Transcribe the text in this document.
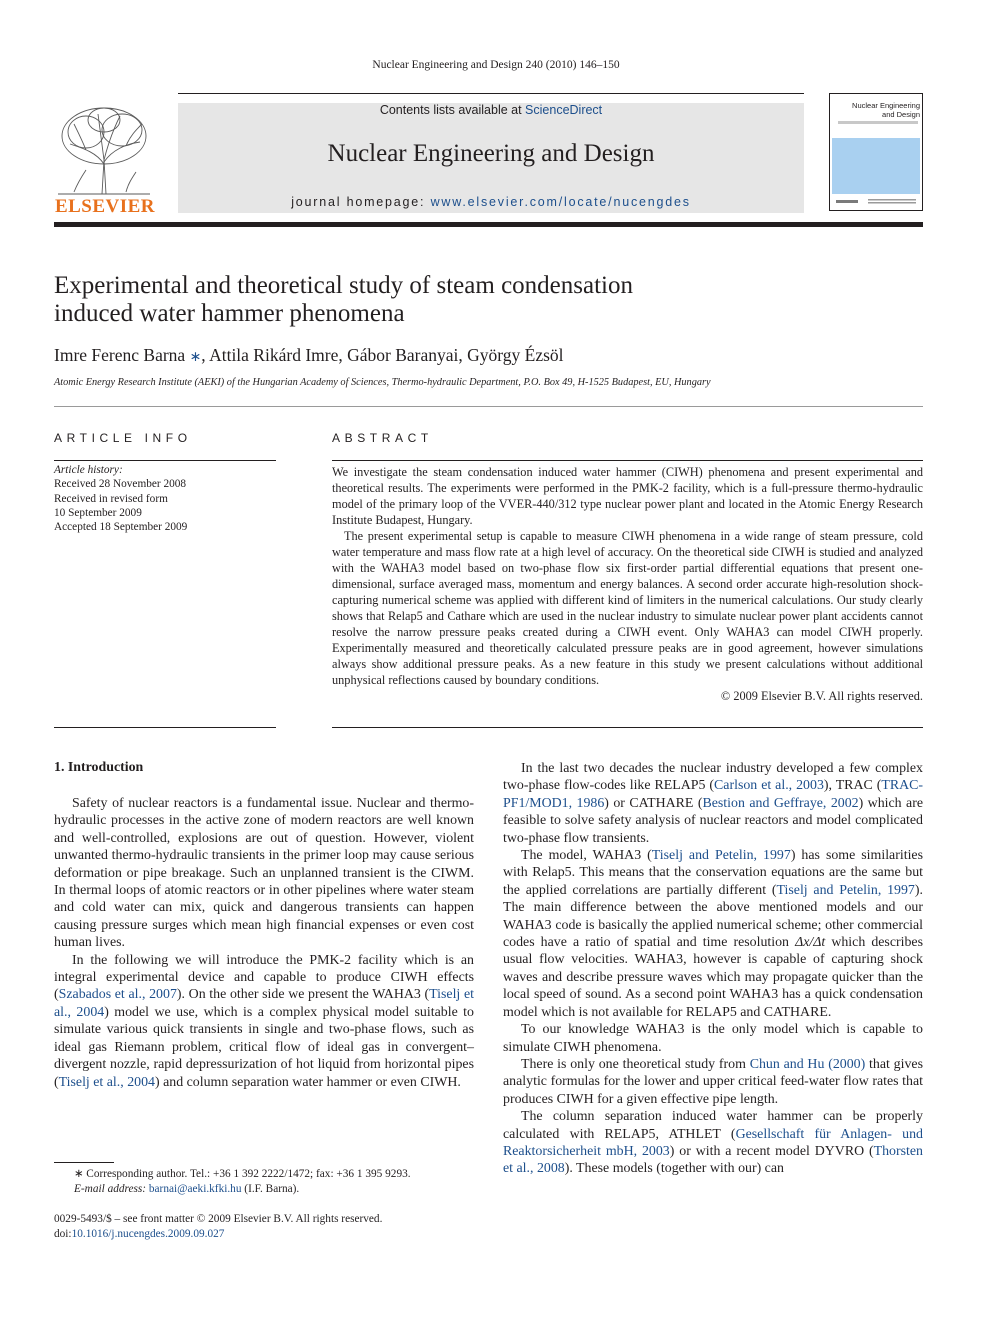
Nuclear Engineering and Design 240 (2010) 146–150
ELSEVIER
Contents lists available at ScienceDirect
Nuclear Engineering and Design
journal homepage: www.elsevier.com/locate/nucengdes
Nuclear Engineering
and Design
Experimental and theoretical study of steam condensation
induced water hammer phenomena
Imre Ferenc Barna ∗, Attila Rikárd Imre, Gábor Baranyai, György Ézsöl
Atomic Energy Research Institute (AEKI) of the Hungarian Academy of Sciences, Thermo-hydraulic Department, P.O. Box 49, H-1525 Budapest, EU, Hungary
ARTICLE INFO
Article history:
Received 28 November 2008
Received in revised form
10 September 2009
Accepted 18 September 2009
ABSTRACT

We investigate the steam condensation induced water hammer (CIWH) phenomena and present experimental and theoretical results. The experiments were performed in the PMK-2 facility, which is a full-pressure thermo-hydraulic model of the primary loop of the VVER-440/312 type nuclear power plant and located in the Atomic Energy Research Institute Budapest, Hungary.

The present experimental setup is capable to measure CIWH phenomena in a wide range of steam pressure, cold water temperature and mass flow rate at a high level of accuracy. On the theoretical side CIWH is studied and analyzed with the WAHA3 model based on two-phase flow six first-order partial differential equations that present one-dimensional, surface averaged mass, momentum and energy balances. A second order accurate high-resolution shock-capturing numerical scheme was applied with different kind of limiters in the numerical calculations. Our study clearly shows that Relap5 and Cathare which are used in the nuclear industry to simulate nuclear power plant accidents cannot resolve the narrow pressure peaks created during a CIWH event. Only WAHA3 can model CIWH properly. Experimentally measured and theoretically calculated pressure peaks are in good agreement, however simulations always show additional pressure peaks. As a new feature in this study we present calculations without additional unphysical reflections caused by boundary conditions.

© 2009 Elsevier B.V. All rights reserved.

1. Introduction

Safety of nuclear reactors is a fundamental issue. Nuclear and thermo-hydraulic processes in the active zone of modern reactors are well known and well-controlled, explosions are out of question. However, violent unwanted thermo-hydraulic transients in the primer loop may cause serious deformation or pipe breakage. Such an unplanned transient is the CIWM. In thermal loops of atomic reactors or in other pipelines where water steam and cold water can mix, quick and dangerous transients can happen causing pressure surges which mean high financial expenses or even cost human lives.

In the following we will introduce the PMK-2 facility which is an integral experimental device and capable to produce CIWH effects (Szabados et al., 2007). On the other side we present the WAHA3 (Tiselj et al., 2004) model we use, which is a complex physical model suitable to simulate various quick transients in single and two-phase flows, such as ideal gas Riemann problem, critical flow of ideal gas in convergent–divergent nozzle, rapid depressurization of hot liquid from horizontal pipes (Tiselj et al., 2004) and column separation water hammer or even CIWH.

In the last two decades the nuclear industry developed a few complex two-phase flow-codes like RELAP5 (Carlson et al., 2003), TRAC (TRAC-PF1/MOD1, 1986) or CATHARE (Bestion and Geffraye, 2002) which are feasible to solve safety analysis of nuclear reactors and model complicated two-phase flow transients.

The model, WAHA3 (Tiselj and Petelin, 1997) has some similarities with Relap5. This means that the conservation equations are the same but the applied correlations are partially different (Tiselj and Petelin, 1997). The main difference between the above mentioned models and our WAHA3 code is basically the applied numerical scheme; other commercial codes have a ratio of spatial and time resolution Δx/Δt which describes usual flow velocities. WAHA3, however is capable of capturing shock waves and describe pressure waves which may propagate quicker than the local speed of sound. As a second point WAHA3 has a quick condensation model which is not available for RELAP5 and CATHARE.

To our knowledge WAHA3 is the only model which is capable to simulate CIWH phenomena.

There is only one theoretical study from Chun and Hu (2000) that gives analytic formulas for the lower and upper critical feed-water flow rates that produces CIWH for a given effective pipe length.

The column separation induced water hammer can be properly calculated with RELAP5, ATHLET (Gesellschaft für Anlagen- und Reaktorsicherheit mbH, 2003) or with a recent model DYVRO (Thorsten et al., 2008). These models (together with our) can

∗ Corresponding author. Tel.: +36 1 392 2222/1472; fax: +36 1 395 9293.
E-mail address: barnai@aeki.kfki.hu (I.F. Barna).
0029-5493/$ – see front matter © 2009 Elsevier B.V. All rights reserved.
doi:10.1016/j.nucengdes.2009.09.027
